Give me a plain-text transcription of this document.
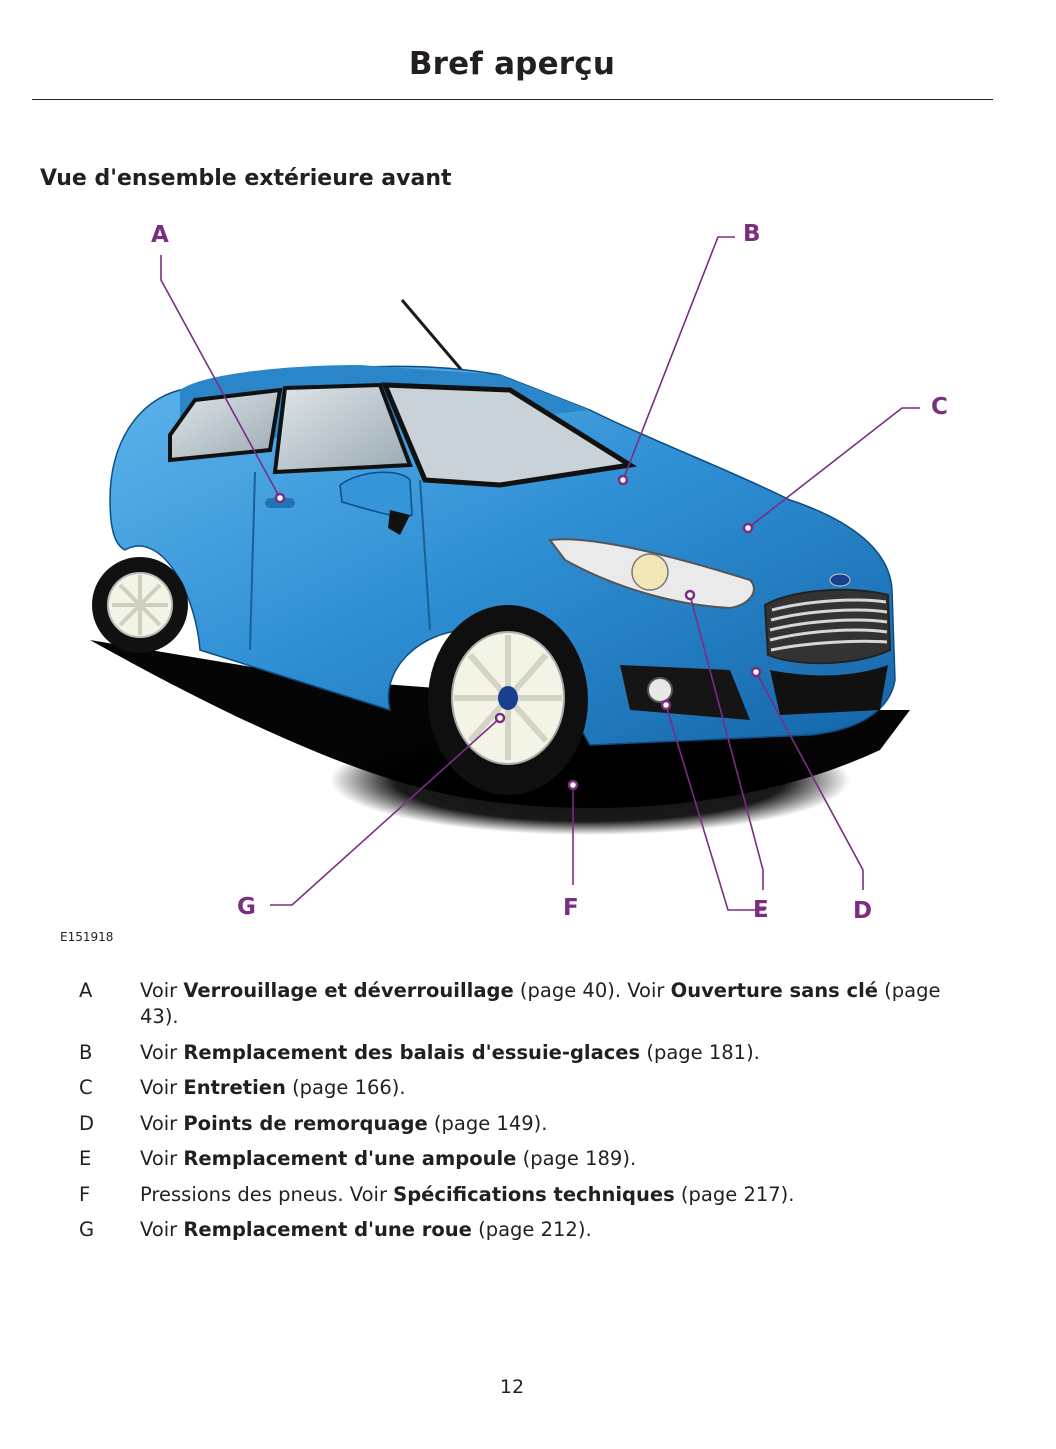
Bref aperçu
Vue d'ensemble extérieure avant
A	B
C
D
E
F
G
E151918
A	Voir Verrouillage et déverrouillage (page 40). Voir Ouverture sans clé (page 43).
B	Voir Remplacement des balais d'essuie-glaces (page 181).
C	Voir Entretien (page 166).
D Voir Points de remorquage (page 149).
E	Voir Remplacement d'une ampoule (page 189).
F	Pressions des pneus. Voir Spécifications techniques (page 217).
G Voir Remplacement d'une roue (page 212).
12
